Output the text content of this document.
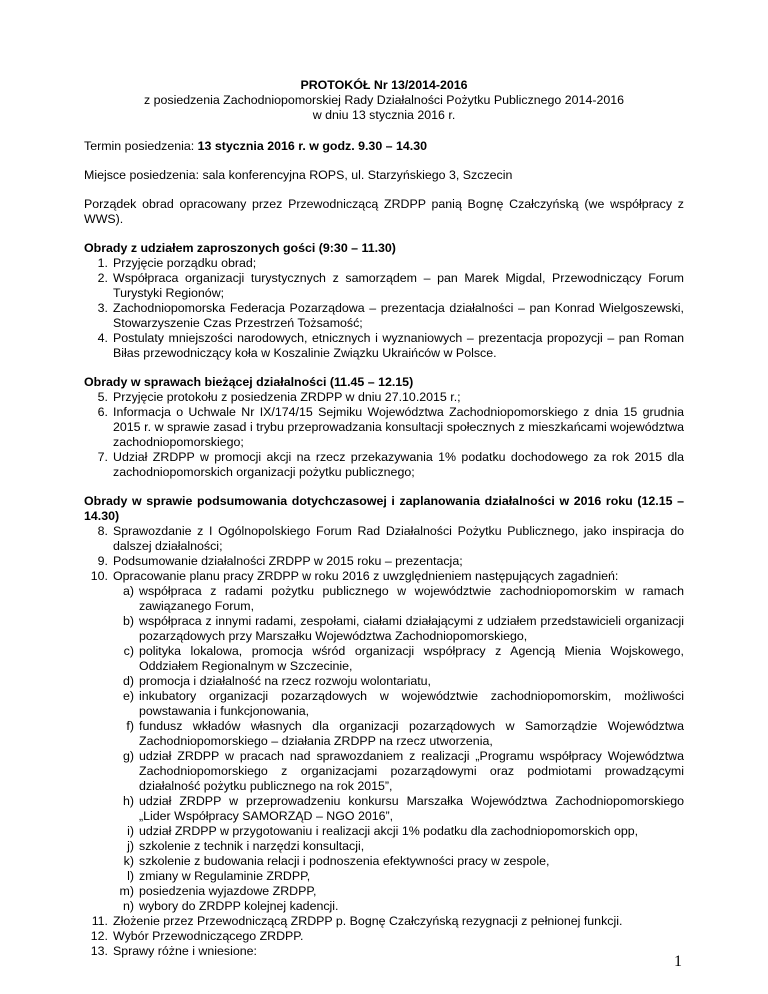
PROTOKÓŁ Nr 13/2014-2016
z posiedzenia Zachodniopomorskiej Rady Działalności Pożytku Publicznego 2014-2016
w dniu 13 stycznia 2016 r.

Termin posiedzenia: 13 stycznia 2016 r. w godz. 9.30 – 14.30

Miejsce posiedzenia: sala konferencyjna ROPS, ul. Starzyńskiego 3, Szczecin

Porządek obrad opracowany przez Przewodniczącą ZRDPP panią Bognę Czałczyńską (we współpracy z WWS).

Obrady z udziałem zaproszonych gości (9:30 – 11.30)
1. Przyjęcie porządku obrad;
2. Współpraca organizacji turystycznych z samorządem – pan Marek Migdal, Przewodniczący Forum Turystyki Regionów;
3. Zachodniopomorska Federacja Pozarządowa – prezentacja działalności – pan Konrad Wielgoszewski, Stowarzyszenie Czas Przestrzeń Tożsamość;
4. Postulaty mniejszości narodowych, etnicznych i wyznaniowych – prezentacja propozycji – pan Roman Biłas przewodniczący koła w Koszalinie Związku Ukraińców w Polsce.
Obrady w sprawach bieżącej działalności (11.45 – 12.15)
5. Przyjęcie protokołu z posiedzenia ZRDPP w dniu 27.10.2015 r.;
6. Informacja o Uchwale Nr IX/174/15 Sejmiku Województwa Zachodniopomorskiego z dnia 15 grudnia 2015 r. w sprawie zasad i trybu przeprowadzania konsultacji społecznych z mieszkańcami województwa zachodniopomorskiego;
7. Udział ZRDPP w promocji akcji na rzecz przekazywania 1% podatku dochodowego za rok 2015 dla zachodniopomorskich organizacji pożytku publicznego;
Obrady w sprawie podsumowania dotychczasowej i zaplanowania działalności w 2016 roku (12.15 – 14.30)
8. Sprawozdanie z I Ogólnopolskiego Forum Rad Działalności Pożytku Publicznego, jako inspiracja do dalszej działalności;
9. Podsumowanie działalności ZRDPP w 2015 roku – prezentacja;
10. Opracowanie planu pracy ZRDPP w roku 2016 z uwzględnieniem następujących zagadnień:
a) współpraca z radami pożytku publicznego w województwie zachodniopomorskim w ramach zawiązanego Forum,
b) współpraca z innymi radami, zespołami, ciałami działającymi z udziałem przedstawicieli organizacji pozarządowych przy Marszałku Województwa Zachodniopomorskiego,
c) polityka lokalowa, promocja wśród organizacji współpracy z Agencją Mienia Wojskowego, Oddziałem Regionalnym w Szczecinie,
d) promocja i działalność na rzecz rozwoju wolontariatu,
e) inkubatory organizacji pozarządowych w województwie zachodniopomorskim, możliwości powstawania i funkcjonowania,
f) fundusz wkładów własnych dla organizacji pozarządowych w Samorządzie Województwa Zachodniopomorskiego – działania ZRDPP na rzecz utworzenia,
g) udział ZRDPP w pracach nad sprawozdaniem z realizacji „Programu współpracy Województwa Zachodniopomorskiego z organizacjami pozarządowymi oraz podmiotami prowadzącymi działalność pożytku publicznego na rok 2015”,
h) udział ZRDPP w przeprowadzeniu konkursu Marszałka Województwa Zachodniopomorskiego „Lider Współpracy SAMORZĄD – NGO 2016”,
i) udział ZRDPP w przygotowaniu i realizacji akcji 1% podatku dla zachodniopomorskich opp,
j) szkolenie z technik i narzędzi konsultacji,
k) szkolenie z budowania relacji i podnoszenia efektywności pracy w zespole,
l) zmiany w Regulaminie ZRDPP,
m) posiedzenia wyjazdowe ZRDPP,
n) wybory do ZRDPP kolejnej kadencji.
11. Złożenie przez Przewodniczącą ZRDPP p. Bognę Czałczyńską rezygnacji z pełnionej funkcji.
12. Wybór Przewodniczącego ZRDPP.
13. Sprawy różne i wniesione:
1
